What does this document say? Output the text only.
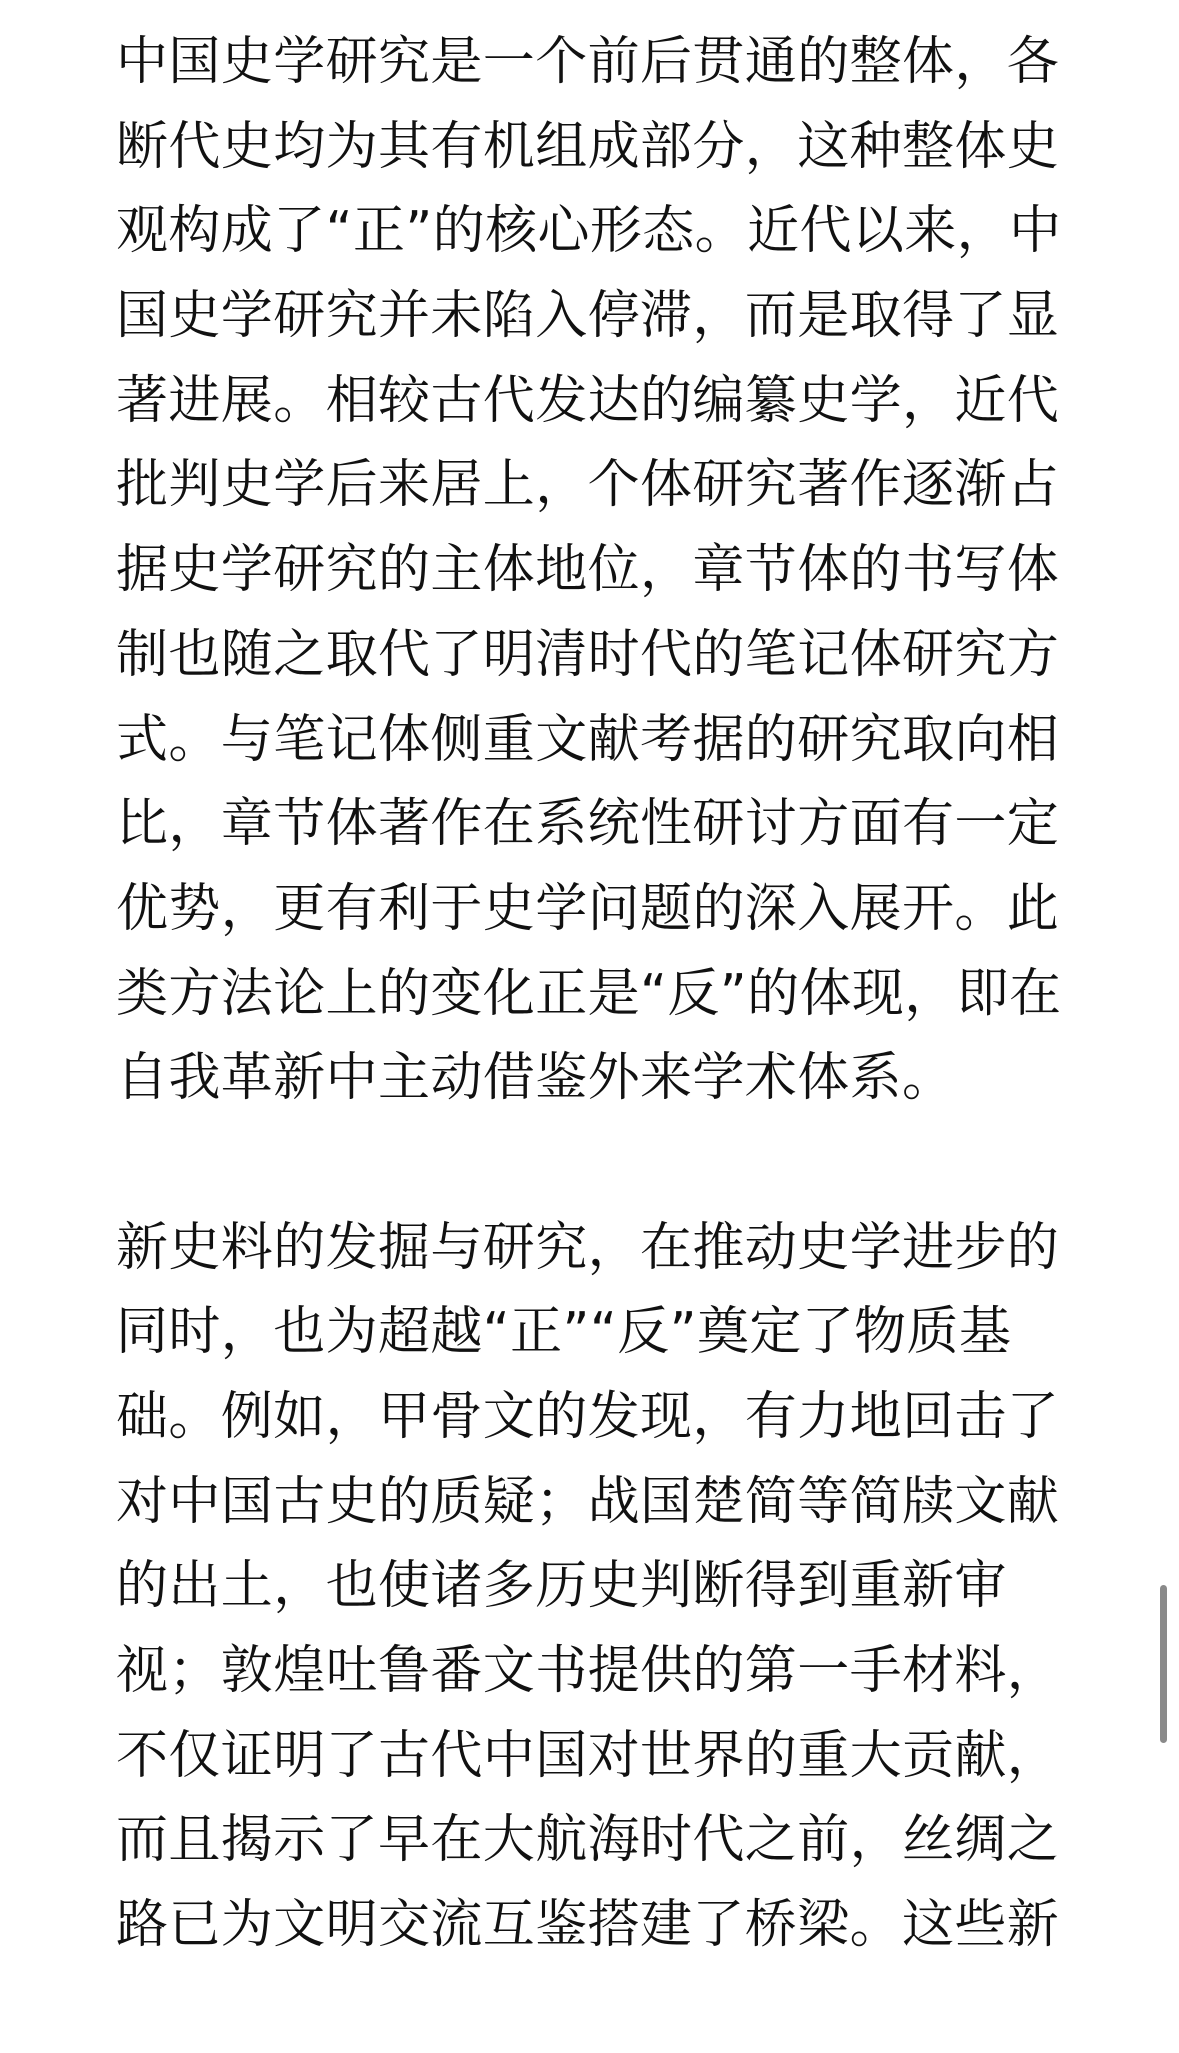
中国史学研究是一个前后贯通的整体，各
断代史均为其有机组成部分，这种整体史
观构成了“正”的核心形态。近代以来，中
国史学研究并未陷入停滞，而是取得了显
著进展。相较古代发达的编纂史学，近代
批判史学后来居上，个体研究著作逐渐占
据史学研究的主体地位，章节体的书写体
制也随之取代了明清时代的笔记体研究方
式。与笔记体侧重文献考据的研究取向相
比，章节体著作在系统性研讨方面有一定
优势，更有利于史学问题的深入展开。此
类方法论上的变化正是“反”的体现，即在
自我革新中主动借鉴外来学术体系。
新史料的发掘与研究，在推动史学进步的
同时，也为超越“正”“反”奠定了物质基
础。例如，甲骨文的发现，有力地回击了
对中国古史的质疑；战国楚简等简牍文献
的出土，也使诸多历史判断得到重新审
视；敦煌吐鲁番文书提供的第一手材料，
不仅证明了古代中国对世界的重大贡献，
而且揭示了早在大航海时代之前，丝绸之
路已为文明交流互鉴搭建了桥梁。这些新
